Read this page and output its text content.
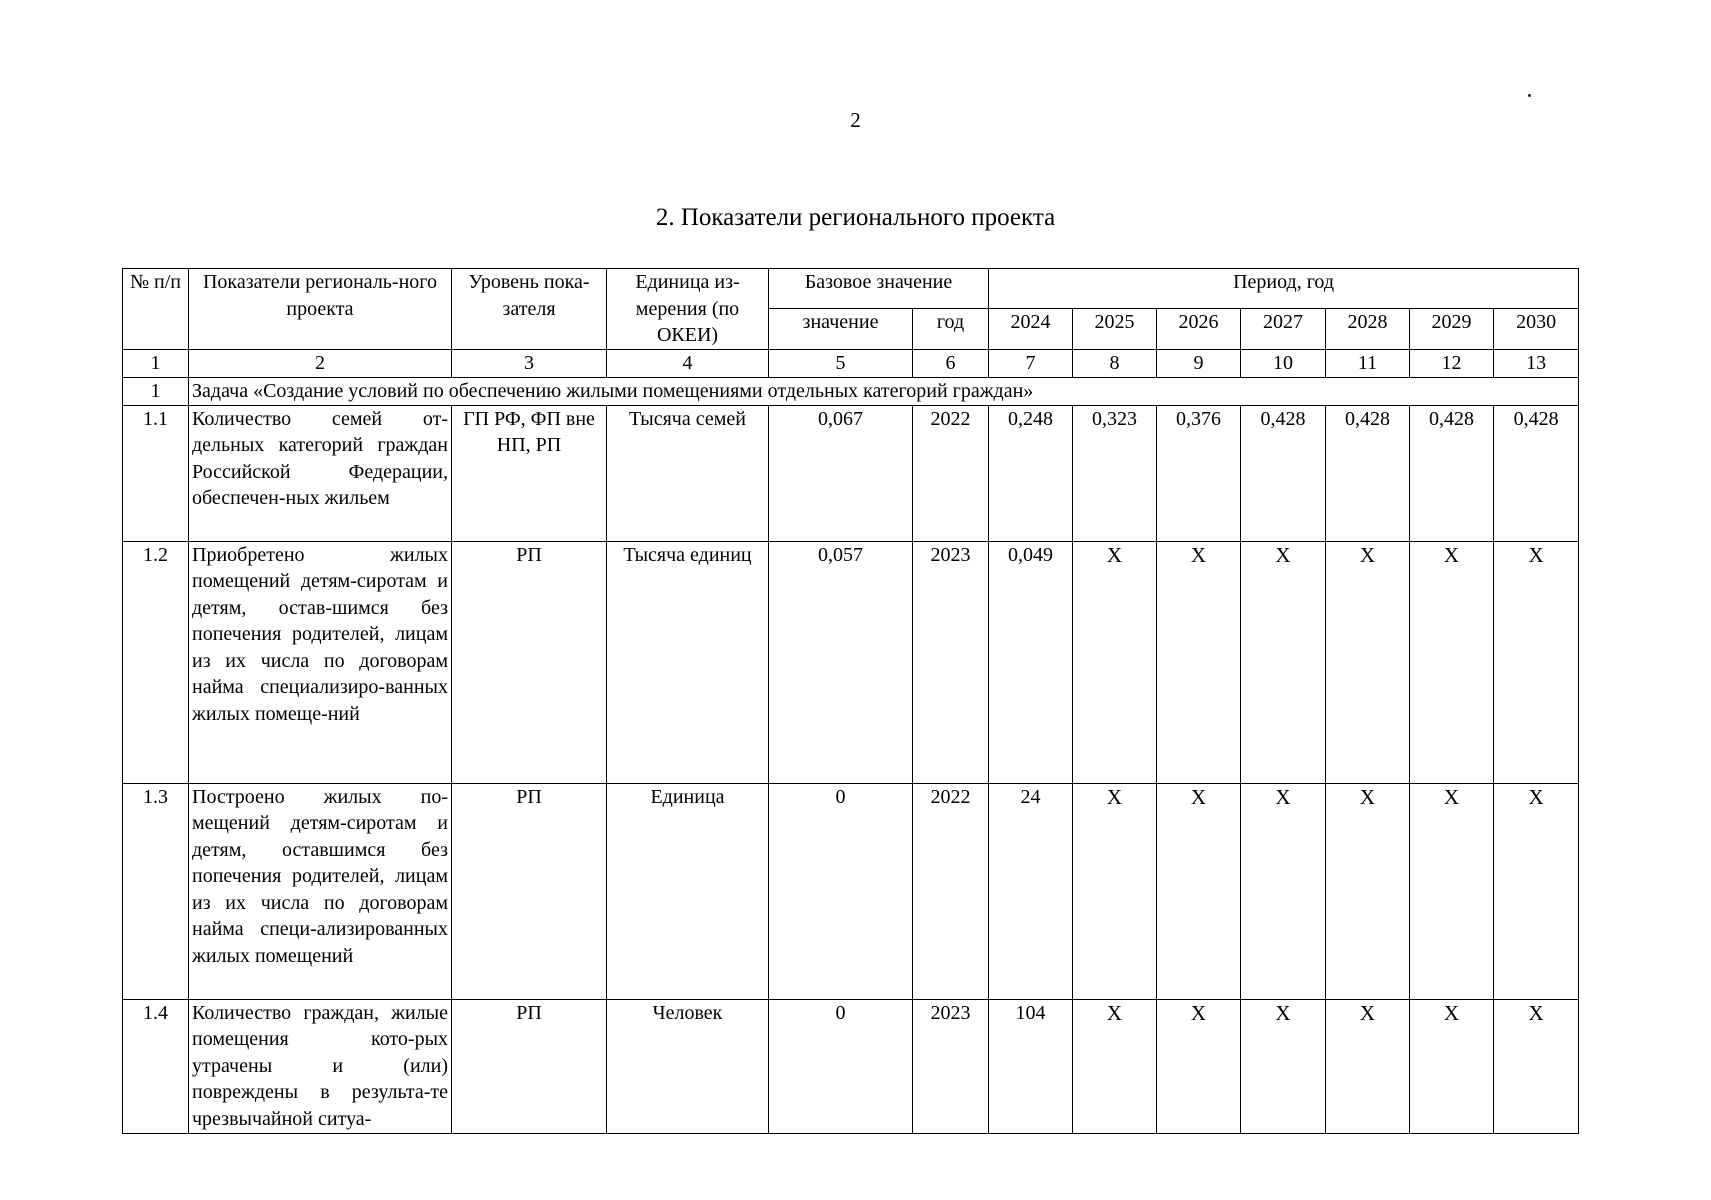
2
2. Показатели регионального проекта
№ п/п	Показатели региональ-ного проекта	Уровень пока-зателя	Единица из-мерения (по ОКЕИ)	Базовое значение		Период, год						
				значение	год	2024	2025	2026	2027	2028	2029	2030
1	2	3	4	5	6	7	8	9	10	11	12	13
1	Задача «Создание условий по обеспечению жилыми помещениями отдельных категорий граждан»											
1.1	Количество семей от-дельных категорий граждан Российской Федерации, обеспечен-ных жильем	ГП РФ, ФП вне НП, РП	Тысяча семей	0,067	2022	0,248	0,323	0,376	0,428	0,428	0,428	0,428
1.2	Приобретено жилых помещений детям-сиротам и детям, остав-шимся без попечения родителей, лицам из их числа по договорам найма специализиро-ванных жилых помеще-ний	РП	Тысяча единиц	0,057	2023	0,049	X	X	X	X	X	X
1.3	Построено жилых по-мещений детям-сиротам и детям, оставшимся без попечения родителей, лицам из их числа по договорам найма специ-ализированных жилых помещений	РП	Единица	0	2022	24	X	X	X	X	X	X
1.4	Количество граждан, жилые помещения кото-рых утрачены и (или) повреждены в результа-те чрезвычайной ситуа-	РП	Человек	0	2023	104	X	X	X	X	X	X
